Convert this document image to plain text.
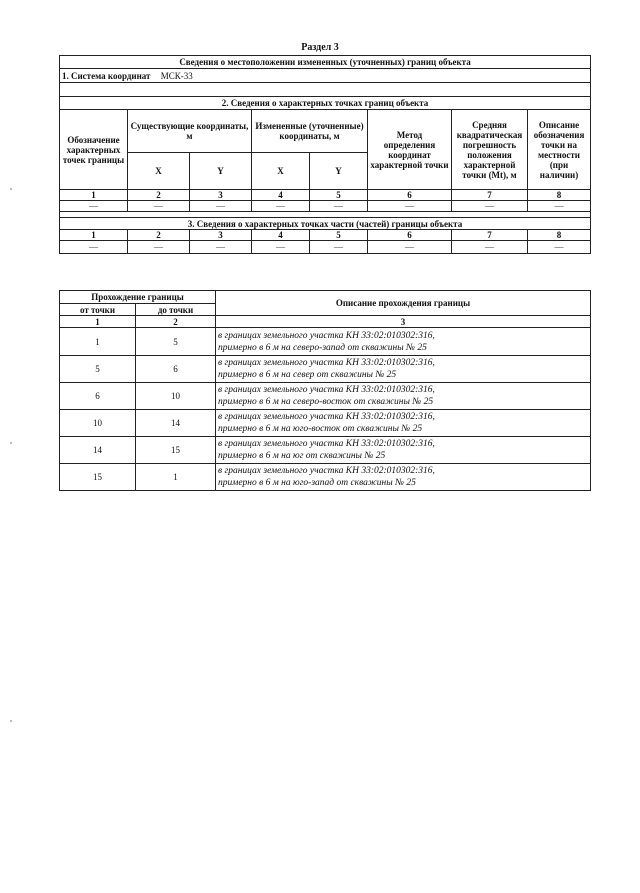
Раздел 3
Сведения о местоположении измененных (уточненных) границ объекта							
1. Система координат МСК-33							

2. Сведения о характерных точках границ объекта							
Обозначение характерных точек границы	Существующие координаты, м		Измененные (уточненные) координаты, м		Метод определения координат характерной точки	Средняя квадратическая погрешность положения характерной точки (Mt), м	Описание обозначения точки на местности (при наличии)
	X	Y	X	Y			
1	2	3	4	5	6	7	8
—	—	—	—	—	—	—	—

3. Сведения о характерных точках части (частей) границы объекта							
1	2	3	4	5	6	7	8
—	—	—	—	—	—	—	—
Прохождение границы		Описание прохождения границы
от точки	до точки	
1	2	3
1	5	в границах земельного участка КН 33:02:010302:316,
примерно в 6 м на северо-запад от скважины № 25
5	6	в границах земельного участка КН 33:02:010302:316,
примерно в 6 м на север от скважины № 25
6	10	в границах земельного участка КН 33:02:010302:316,
примерно в 6 м на северо-восток от скважины № 25
10	14	в границах земельного участка КН 33:02:010302:316,
примерно в 6 м на юго-восток от скважины № 25
14	15	в границах земельного участка КН 33:02:010302:316,
примерно в 6 м на юг от скважины № 25
15	1	в границах земельного участка КН 33:02:010302:316,
примерно в 6 м на юго-запад от скважины № 25
